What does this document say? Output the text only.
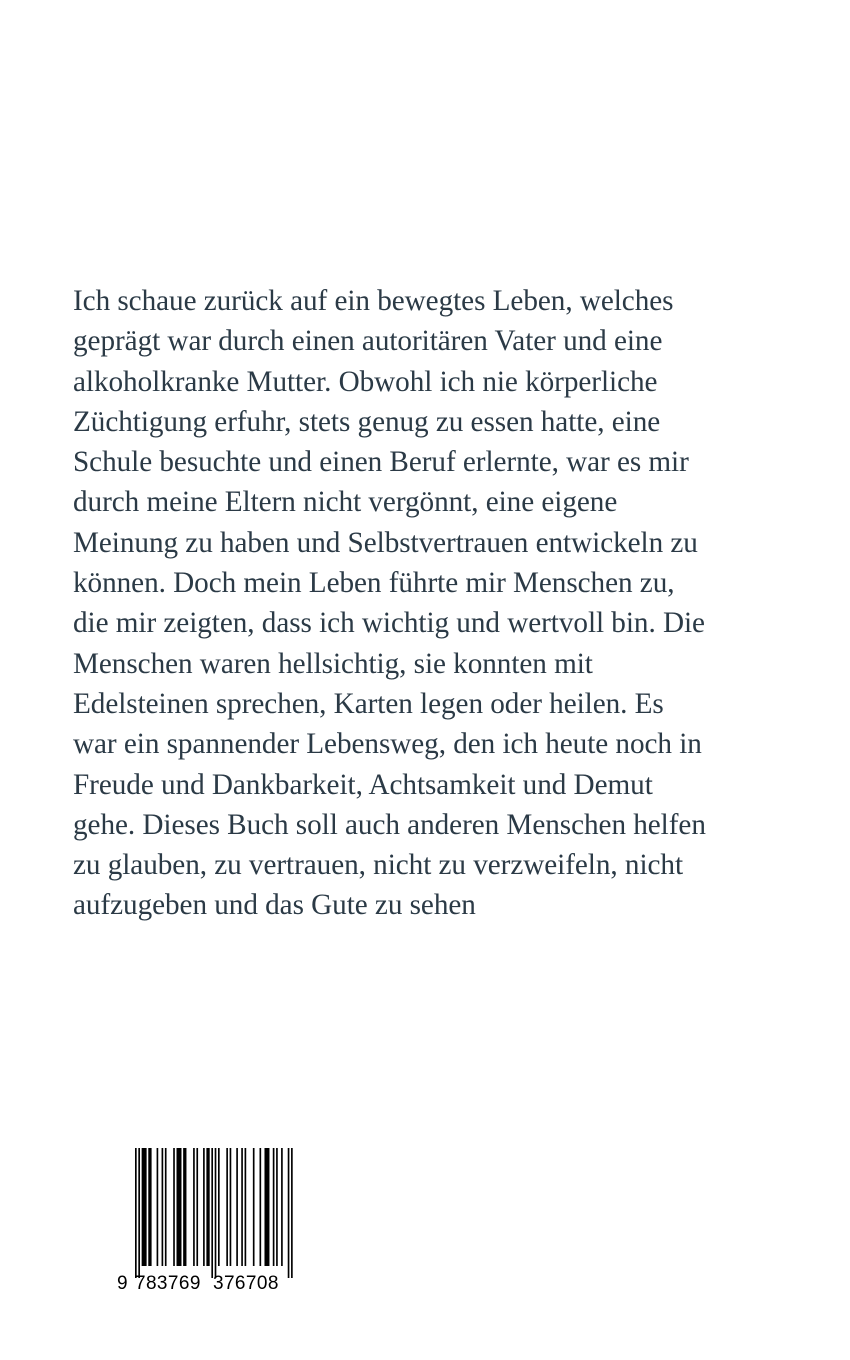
Ich schaue zurück auf ein bewegtes Leben, welches
geprägt war durch einen autoritären Vater und eine
alkoholkranke Mutter. Obwohl ich nie körperliche
Züchtigung erfuhr, stets genug zu essen hatte, eine
Schule besuchte und einen Beruf erlernte, war es mir
durch meine Eltern nicht vergönnt, eine eigene
Meinung zu haben und Selbstvertrauen entwickeln zu
können. Doch mein Leben führte mir Menschen zu,
die mir zeigten, dass ich wichtig und wertvoll bin. Die
Menschen waren hellsichtig, sie konnten mit
Edelsteinen sprechen, Karten legen oder heilen. Es
war ein spannender Lebensweg, den ich heute noch in
Freude und Dankbarkeit, Achtsamkeit und Demut
gehe. Dieses Buch soll auch anderen Menschen helfen
zu glauben, zu vertrauen, nicht zu verzweifeln, nicht
aufzugeben und das Gute zu sehen

9 783769 376708
